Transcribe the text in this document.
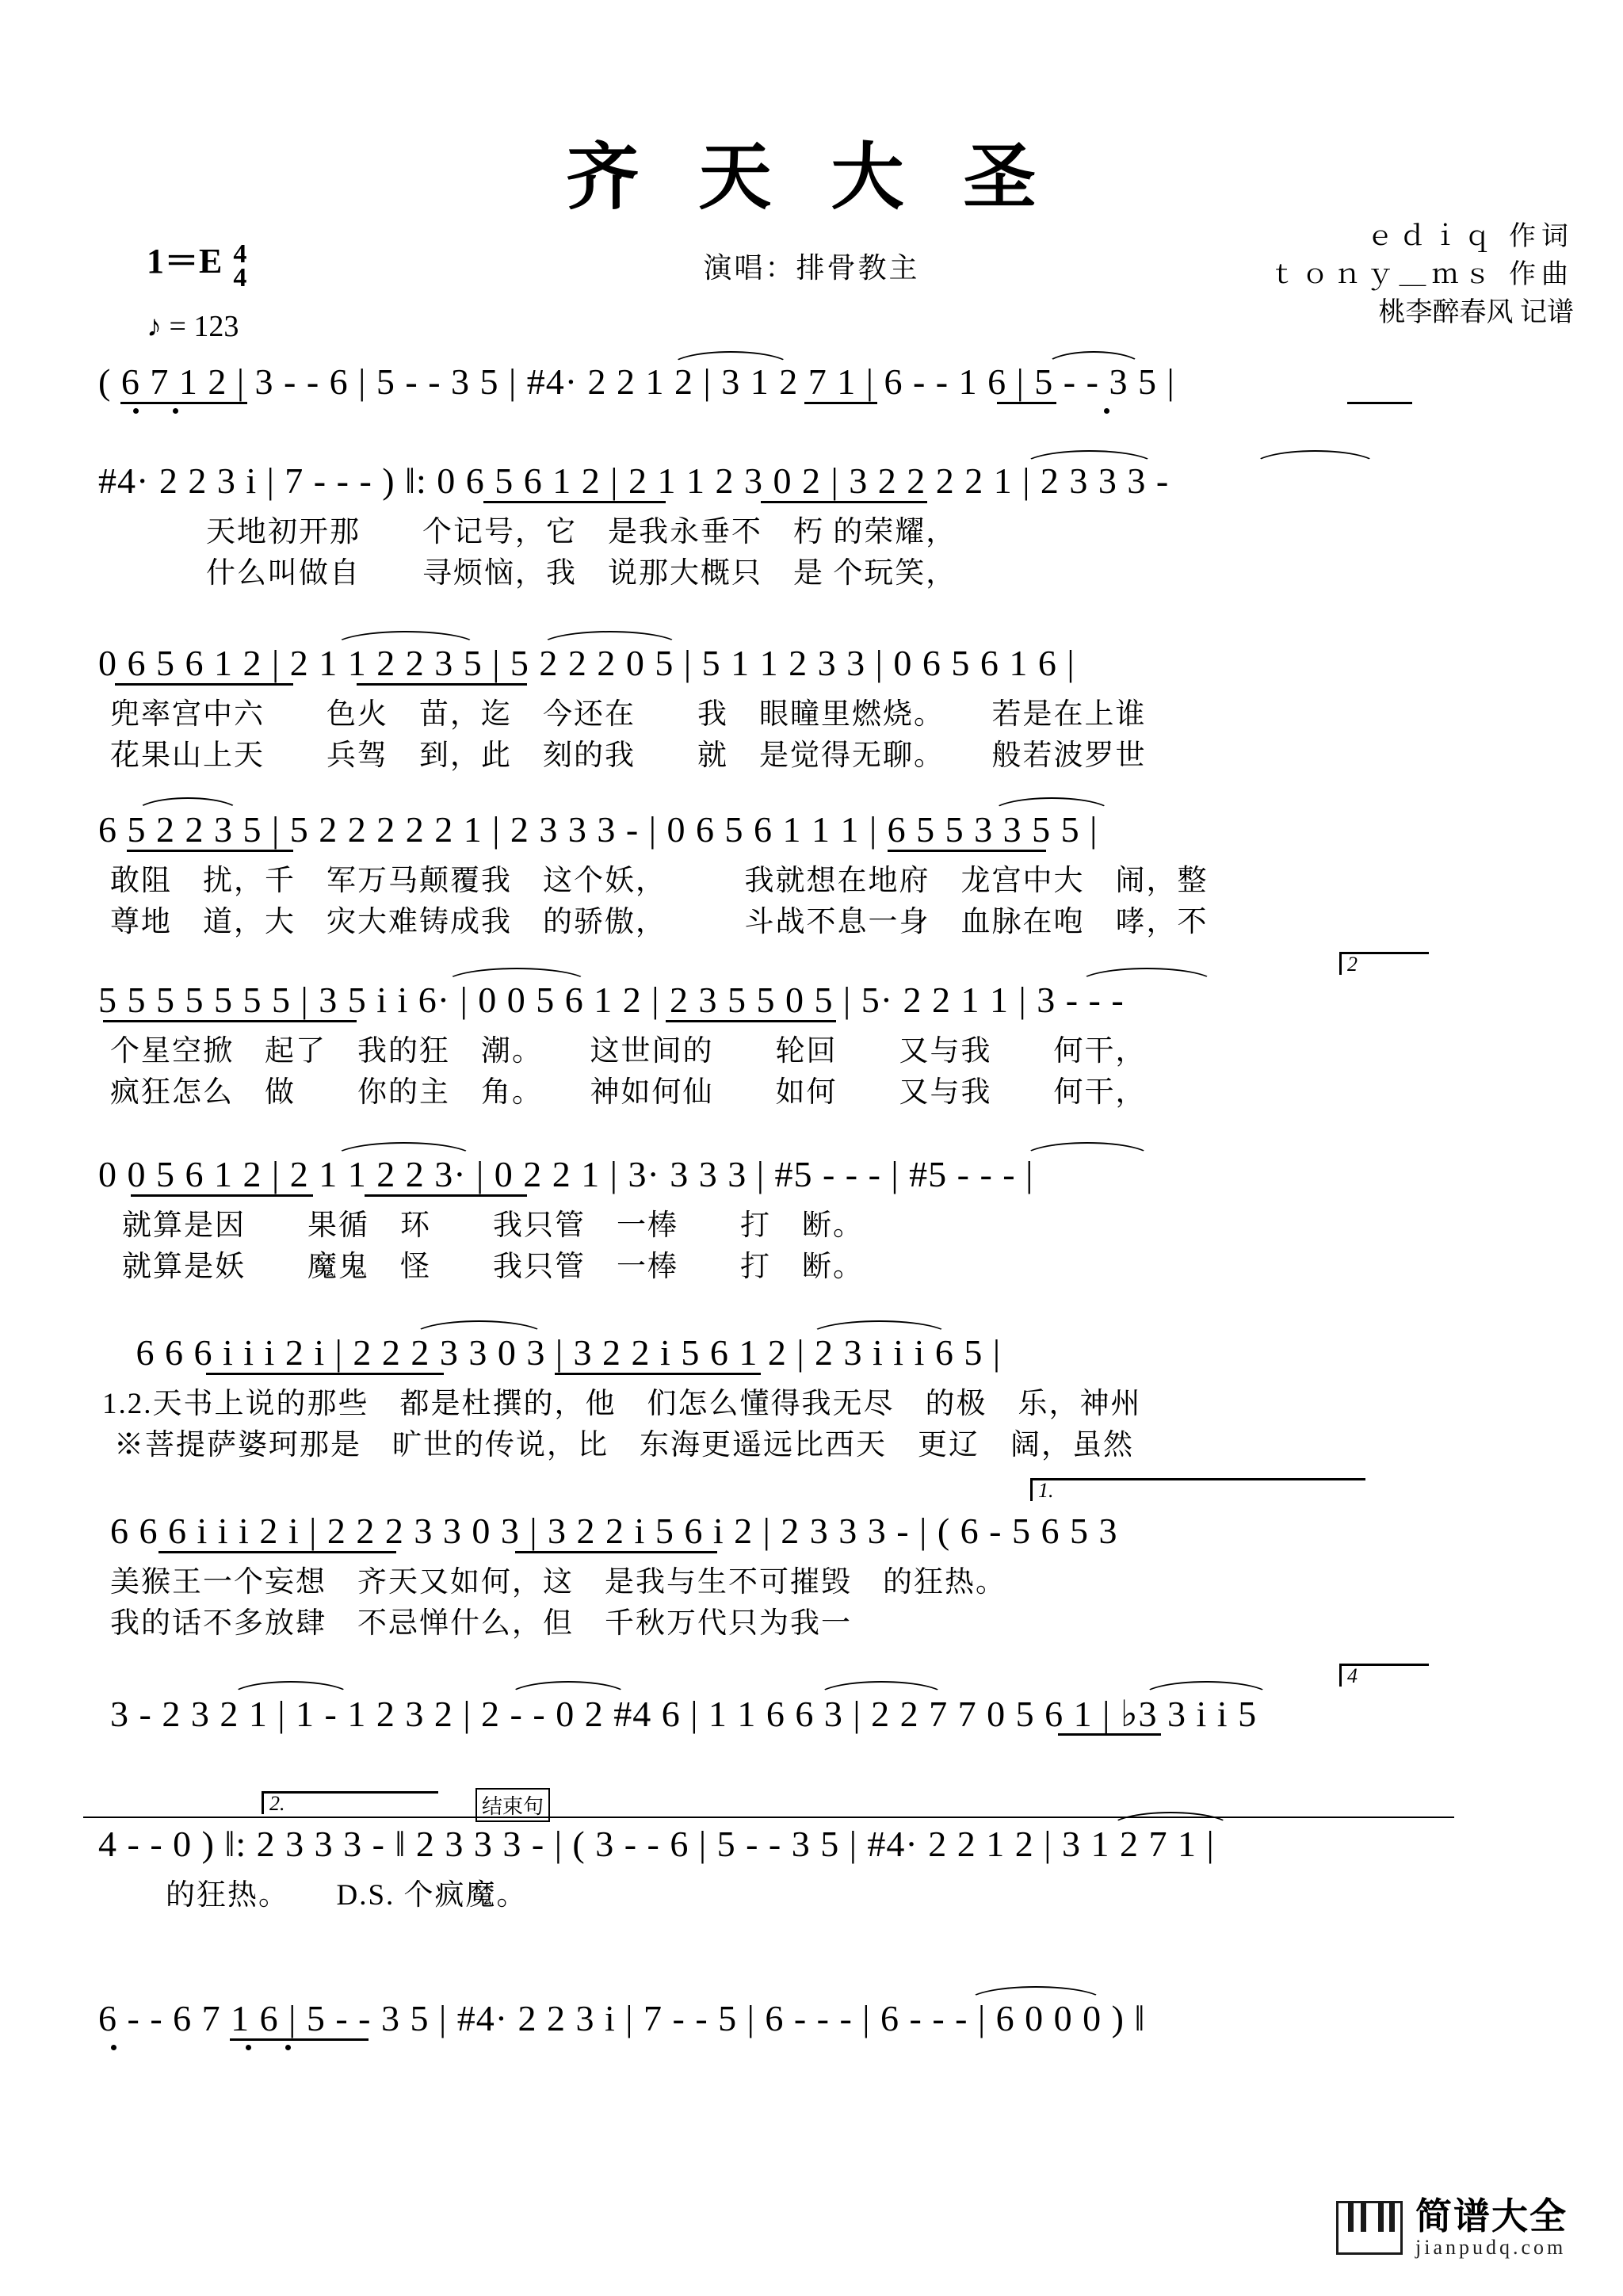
齐 天 大 圣
演唱：排骨教主
ｅｄｉｑ 作词
ｔｏｎｙ＿ｍｓ 作曲
桃李醉春风 记谱
1＝E 4
4
♪ = 123
( 6 7 1 2 | 3 - - 6 | 5 - - 3 5 | #4· 2 2 1 2 | 3 1 2 7 1 | 6 - - 1 6 | 5 - - 3 5 |
#4· 2 2 3 i | 7 - - - ) ‖: 0 6 5 6 1 2 | 2 1 1 2 3 0 2 | 3 2 2 2 2 1 | 2 3 3 3 -
天地初开那　　个记号，它　是我永垂不　朽 的荣耀，
什么叫做自　　寻烦恼，我　说那大概只　是 个玩笑，
0 6 5 6 1 2 | 2 1 1 2 2 3 5 | 5 2 2 2 0 5 | 5 1 1 2 3 3 | 0 6 5 6 1 6 |
兜率宫中六　　色火　苗，迄　今还在　　我　眼瞳里燃烧。　　若是在上谁
花果山上天　　兵驾　到，此　刻的我　　就　是觉得无聊。　　般若波罗世
6 5 2 2 3 5 | 5 2 2 2 2 2 1 | 2 3 3 3 - | 0 6 5 6 1 1 1 | 6 5 5 3 3 5 5 |
敢阻　扰，千　军万马颠覆我　这个妖，　　　我就想在地府　龙宫中大　闹，整
尊地　道，大　灾大难铸成我　的骄傲，　　　斗战不息一身　血脉在咆　哮，不
5 5 5 5 5 5 5 | 3 5 i i 6· | 0 0 5 6 1 2 | 2 3 5 5 0 5 | 5· 2 2 1 1 | 3 - - -
2
个星空掀　起了　我的狂　潮。　　这世间的　　轮回　　又与我　　何干，
疯狂怎么　做　　你的主　角。　　神如何仙　　如何　　又与我　　何干，
0 0 5 6 1 2 | 2 1 1 2 2 3· | 0 2 2 1 | 3· 3 3 3 | #5 - - - | #5 - - - |
就算是因　　果循　环　　我只管　一棒　　打　断。
就算是妖　　魔鬼　怪　　我只管　一棒　　打　断。
6 6 6 i i i 2 i | 2 2 2 3 3 0 3 | 3 2 2 i 5 6 1 2 | 2 3 i i i 6 5 |
1.2.天书上说的那些　都是杜撰的，他　们怎么懂得我无尽　的极　乐，神州
※菩提萨婆珂那是　旷世的传说，比　东海更遥远比西天　更辽　阔，虽然
6 6 6 i i i 2 i | 2 2 2 3 3 0 3 | 3 2 2 i 5 6 i 2 | 2 3 3 3 - | ( 6 - 5 6 5 3
1.
美猴王一个妄想　齐天又如何，这　是我与生不可摧毁　的狂热。
我的话不多放肆　不忌惮什么，但　千秋万代只为我一
3 - 2 3 2 1 | 1 - 1 2 3 2 | 2 - - 0 2 #4 6 | 1 1 6 6 3 | 2 2 7 7 0 5 6 1 | ♭3 3 i i 5
4
4 - - 0 ) ‖: 2 3 3 3 - ‖ 2 3 3 3 - | ( 3 - - 6 | 5 - - 3 5 | #4· 2 2 1 2 | 3 1 2 7 1 |
2.	结束句
的狂热。　　D.S. 个疯魔。
6 - - 6 7 1 6 | 5 - - 3 5 | #4· 2 2 3 i | 7 - - 5 | 6 - - - | 6 - - - | 6 0 0 0 ) ‖
简谱大全
jianpudq.com
